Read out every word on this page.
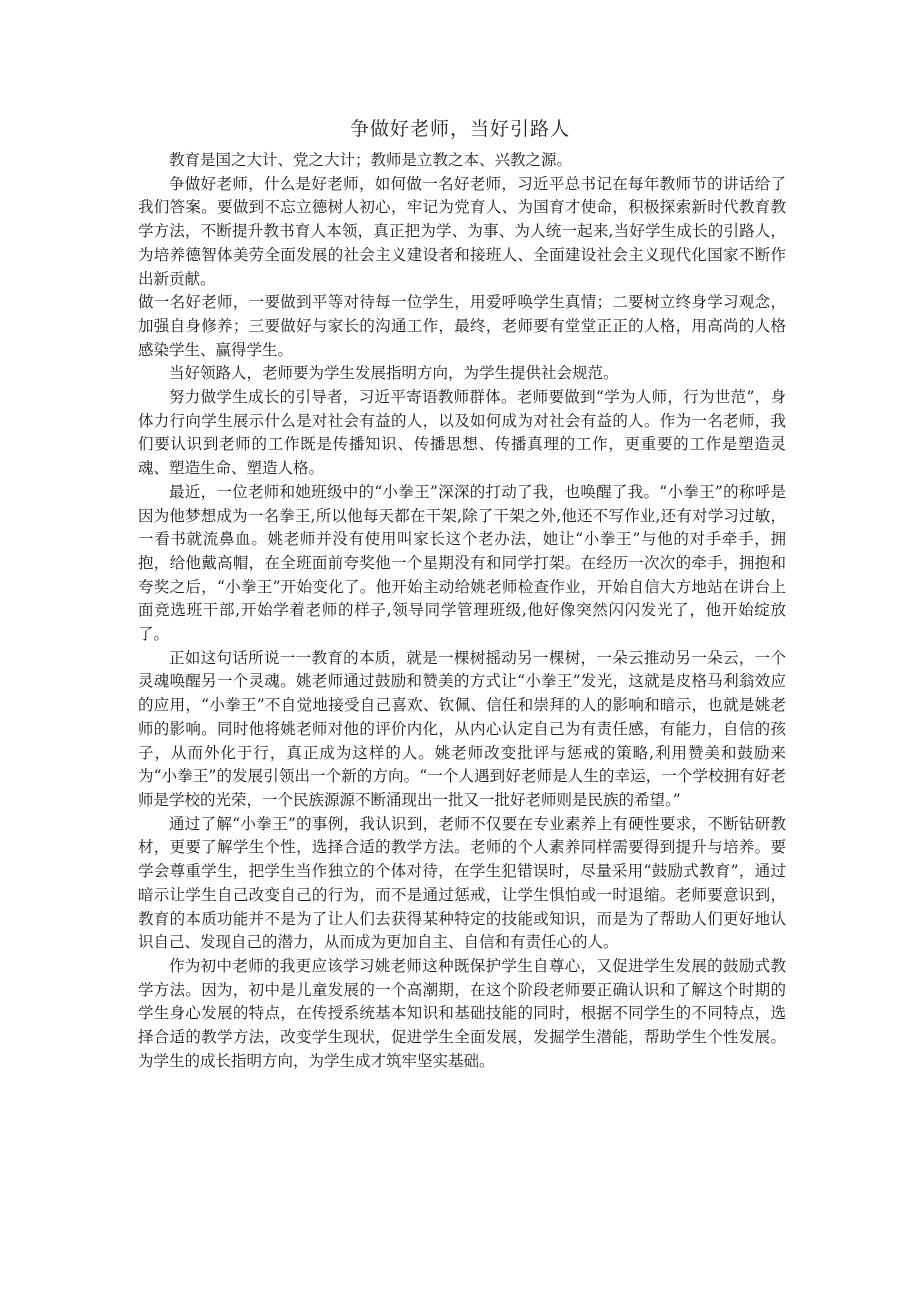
争做好老师，当好引路人

教育是国之大计、党之大计；教师是立教之本、兴教之源。

争做好老师，什么是好老师，如何做一名好老师，习近平总书记在每年教师节的讲话给了我们答案。要做到不忘立德树人初心，牢记为党育人、为国育才使命，积极探索新时代教育教学方法，不断提升教书育人本领，真正把为学、为事、为人统一起来,当好学生成长的引路人，为培养德智体美劳全面发展的社会主义建设者和接班人、全面建设社会主义现代化国家不断作出新贡献。

做一名好老师，一要做到平等对待每一位学生，用爱呼唤学生真情；二要树立终身学习观念，加强自身修养；三要做好与家长的沟通工作，最终，老师要有堂堂正正的人格，用高尚的人格感染学生、赢得学生。

当好领路人，老师要为学生发展指明方向，为学生提供社会规范。

努力做学生成长的引导者，习近平寄语教师群体。老师要做到“学为人师，行为世范”，身体力行向学生展示什么是对社会有益的人，以及如何成为对社会有益的人。作为一名老师，我们要认识到老师的工作既是传播知识、传播思想、传播真理的工作，更重要的工作是塑造灵魂、塑造生命、塑造人格。

最近，一位老师和她班级中的“小拳王”深深的打动了我，也唤醒了我。“小拳王”的称呼是因为他梦想成为一名拳王,所以他每天都在干架,除了干架之外,他还不写作业,还有对学习过敏，一看书就流鼻血。姚老师并没有使用叫家长这个老办法，她让“小拳王”与他的对手牵手，拥抱，给他戴高帽，在全班面前夸奖他一个星期没有和同学打架。在经历一次次的牵手，拥抱和夸奖之后，“小拳王”开始变化了。他开始主动给姚老师检查作业，开始自信大方地站在讲台上面竞选班干部,开始学着老师的样子,领导同学管理班级,他好像突然闪闪发光了，他开始绽放了。

正如这句话所说一一教育的本质，就是一棵树摇动另一棵树，一朵云推动另一朵云，一个灵魂唤醒另一个灵魂。姚老师通过鼓励和赞美的方式让“小拳王”发光，这就是皮格马利翁效应的应用，“小拳王”不自觉地接受自己喜欢、钦佩、信任和崇拜的人的影响和暗示，也就是姚老师的影响。同时他将姚老师对他的评价内化，从内心认定自己为有责任感，有能力，自信的孩子，从而外化于行，真正成为这样的人。姚老师改变批评与惩戒的策略,利用赞美和鼓励来为“小拳王”的发展引领出一个新的方向。“一个人遇到好老师是人生的幸运，一个学校拥有好老师是学校的光荣，一个民族源源不断涌现出一批又一批好老师则是民族的希望。”

通过了解“小拳王”的事例，我认识到，老师不仅要在专业素养上有硬性要求，不断钻研教材，更要了解学生个性，选择合适的教学方法。老师的个人素养同样需要得到提升与培养。要学会尊重学生，把学生当作独立的个体对待，在学生犯错误时，尽量采用“鼓励式教育”，通过暗示让学生自己改变自己的行为，而不是通过惩戒，让学生惧怕或一时退缩。老师要意识到，教育的本质功能并不是为了让人们去获得某种特定的技能或知识，而是为了帮助人们更好地认识自己、发现自己的潜力，从而成为更加自主、自信和有责任心的人。

作为初中老师的我更应该学习姚老师这种既保护学生自尊心，又促进学生发展的鼓励式教学方法。因为，初中是儿童发展的一个高潮期，在这个阶段老师要正确认识和了解这个时期的学生身心发展的特点，在传授系统基本知识和基础技能的同时，根据不同学生的不同特点，选择合适的教学方法，改变学生现状，促进学生全面发展，发掘学生潜能，帮助学生个性发展。为学生的成长指明方向，为学生成才筑牢坚实基础。
